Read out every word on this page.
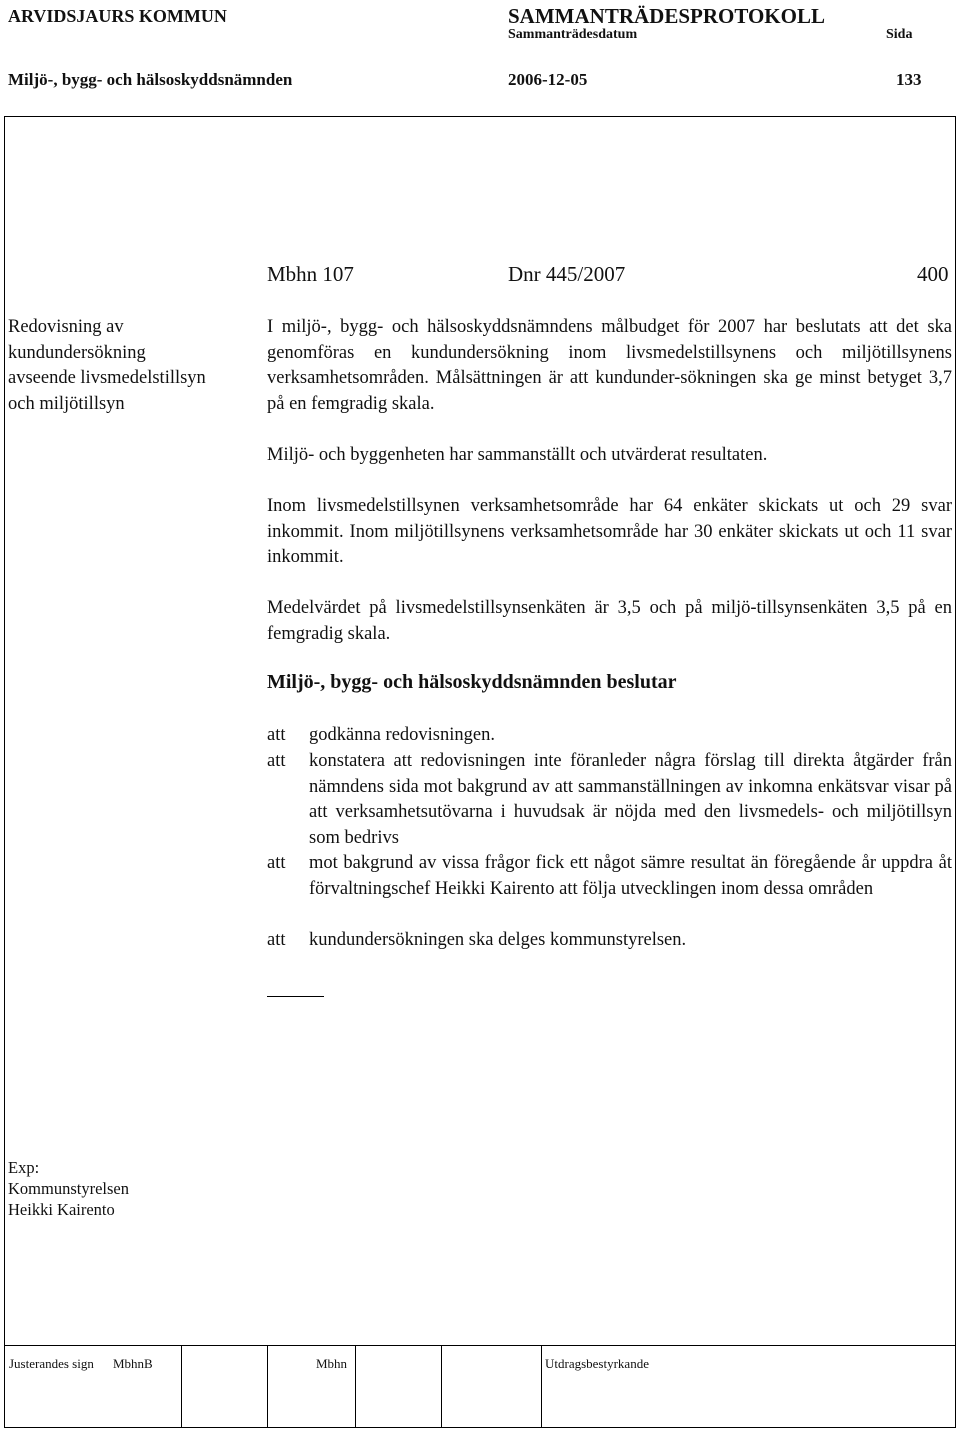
ARVIDSJAURS KOMMUN	SAMMANTRÄDESPROTOKOLL
Sammanträdesdatum	Sida
Miljö-, bygg- och hälsoskyddsnämnden	2006-12-05	133
Mbhn 107	Dnr 445/2007	400
Redovisning av
kundundersökning
avseende livsmedelstillsyn
och miljötillsyn
I miljö-, bygg- och hälsoskyddsnämndens målbudget för 2007 har beslutats att det ska genomföras en kundundersökning inom livsmedelstillsynens och miljötillsynens verksamhetsområden. Målsättningen är att kundunder-sökningen ska ge minst betyget 3,7 på en femgradig skala.
Miljö- och byggenheten har sammanställt och utvärderat resultaten.
Inom livsmedelstillsynen verksamhetsområde har 64 enkäter skickats ut och 29 svar inkommit. Inom miljötillsynens verksamhetsområde har 30 enkäter skickats ut och 11 svar inkommit.
Medelvärdet på livsmedelstillsynsenkäten är 3,5 och på miljö-tillsynsenkäten 3,5 på en femgradig skala.
Miljö-, bygg- och hälsoskyddsnämnden beslutar
att godkänna redovisningen.
att konstatera att redovisningen inte föranleder några förslag till direkta åtgärder från nämndens sida mot bakgrund av att sammanställningen av inkomna enkätsvar visar på att verksamhetsutövarna i huvudsak är nöjda med den livsmedels- och miljötillsyn som bedrivs
att mot bakgrund av vissa frågor fick ett något sämre resultat än föregående år uppdra åt förvaltningschef Heikki Kairento att följa utvecklingen inom dessa områden
att kundundersökningen ska delges kommunstyrelsen.
Exp:
Kommunstyrelsen
Heikki Kairento
Justerandes sign MbhnB	Mbhn	Utdragsbestyrkande
